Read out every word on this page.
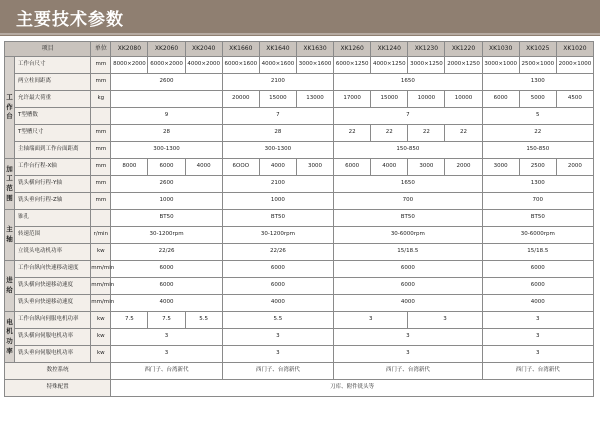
主要技术参数
项目		单位	XK2080	XK2060	XK2040	XK1660	XK1640	XK1630	XK1260	XK1240	XK1230	XK1220	XK1030	XK1025	XK1020
工作台	工作台尺寸	mm	8000×2000	6000×2000	4000×2000	6000×1600	4000×1600	3000×1600	6000×1250	4000×1250	3000×1250	2000×1250	3000×1000	2500×1000	2000×1000
	两立柱间距离	mm	2600			2100			1650				1300		
	允许最大荷重	kg				20000	15000	13000	17000	15000	10000	10000	6000	5000	4500
	T型槽数		9			7			7				5		
	T型槽尺寸	mm	28			28			22	22	22	22	22		
	主轴端面到工作台面距离	mm	300-1300			300-1300			150-850				150-850		
加工范围	工作台行程-X轴	mm	8000	6000	4000	6OOO	4000	3000	6000	4000	3000	2000	3000	2500	2000
	铣头横向行程-Y轴	mm	2600			2100			1650				1300		
	铣头垂向行程-Z轴	mm	1000			1000			700				700		
主轴	锥孔		BT50			BT50			BT50				BT50		
	转速范围	r/min	30-1200rpm			30-1200rpm			30-6000rpm				30-6000rpm		
	立铣头电动机功率	kw	22/26			22/26			15/18.5				15/18.5		
进给	工作台纵向快速移动速度	mm/min	6000			6000			6000				6000		
	铣头横向快速移动速度	mm/min	6000			6000			6000				6000		
	铣头垂向快速移动速度	mm/min	4000			4000			4000				4000		
电机功率	工作台纵向伺服电机功率	kw	7.5	7.5	5.5	5.5			3		3		3		
	铣头横向伺服电机功率	kw	3			3			3				3		
	铣头垂向伺服电机功率	kw	3			3			3				3		
数控系统			西门子、台湾新代			西门子、台湾新代			西门子、台湾新代				西门子、台湾新代		
特殊配置			刀库、附件铣头等												
